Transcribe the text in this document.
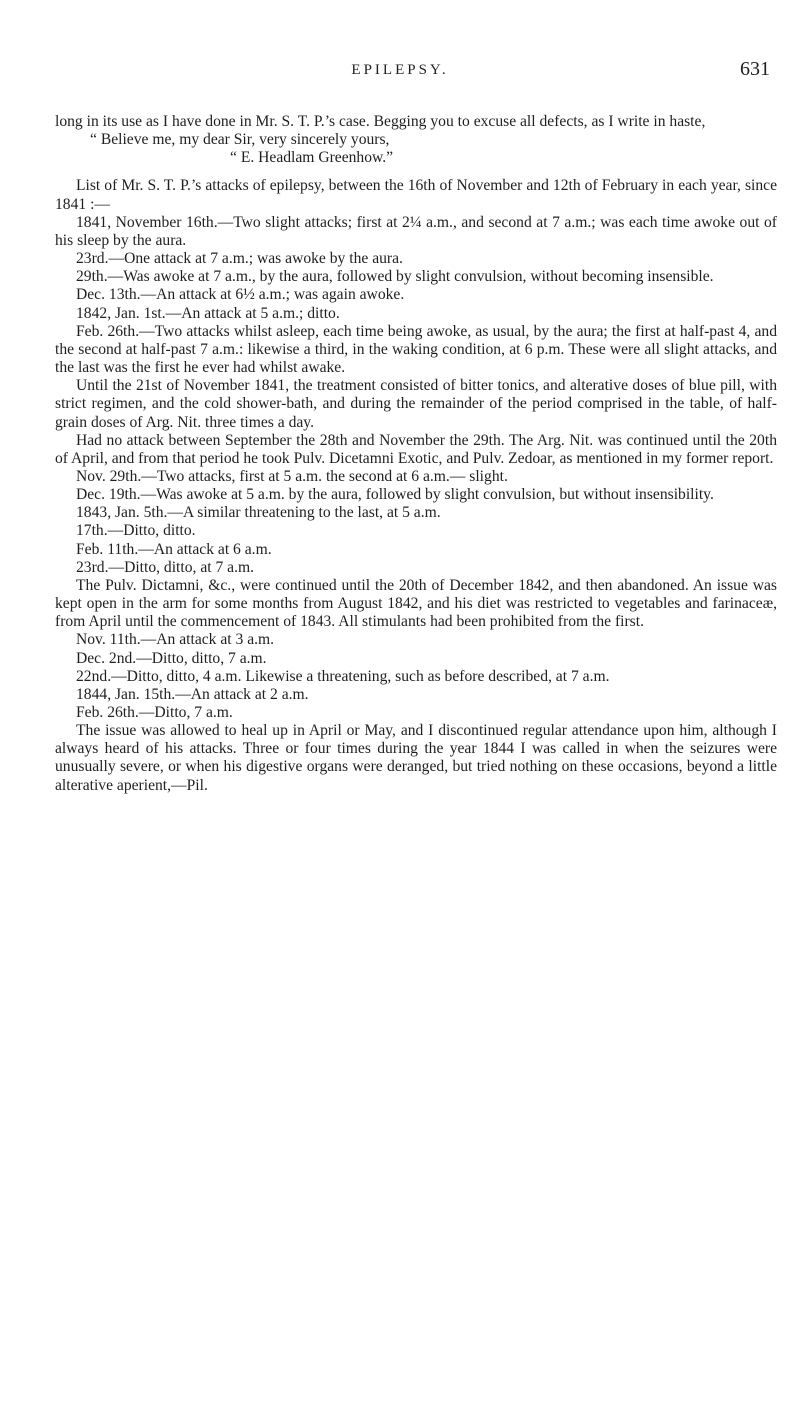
EPILEPSY.	631

long in its use as I have done in Mr. S. T. P.’s case. Begging you to excuse all defects, as I write in haste,

“ Believe me, my dear Sir, very sincerely yours,

“ E. Headlam Greenhow.”

List of Mr. S. T. P.’s attacks of epilepsy, between the 16th of November and 12th of February in each year, since 1841 :—

1841, November 16th.—Two slight attacks; first at 2¼ a.m., and second at 7 a.m.; was each time awoke out of his sleep by the aura.

23rd.—One attack at 7 a.m.; was awoke by the aura.

29th.—Was awoke at 7 a.m., by the aura, followed by slight convulsion, without becoming insensible.

Dec. 13th.—An attack at 6½ a.m.; was again awoke.

1842, Jan. 1st.—An attack at 5 a.m.; ditto.

Feb. 26th.—Two attacks whilst asleep, each time being awoke, as usual, by the aura; the first at half-past 4, and the second at half-past 7 a.m.: likewise a third, in the waking condition, at 6 p.m. These were all slight attacks, and the last was the first he ever had whilst awake.

Until the 21st of November 1841, the treatment consisted of bitter tonics, and alterative doses of blue pill, with strict regimen, and the cold shower-bath, and during the remainder of the period comprised in the table, of half-grain doses of Arg. Nit. three times a day.

Had no attack between September the 28th and November the 29th. The Arg. Nit. was continued until the 20th of April, and from that period he took Pulv. Dicetamni Exotic, and Pulv. Zedoar, as mentioned in my former report.

Nov. 29th.—Two attacks, first at 5 a.m. the second at 6 a.m.— slight.

Dec. 19th.—Was awoke at 5 a.m. by the aura, followed by slight convulsion, but without insensibility.

1843, Jan. 5th.—A similar threatening to the last, at 5 a.m.

17th.—Ditto, ditto.

Feb. 11th.—An attack at 6 a.m.

23rd.—Ditto, ditto, at 7 a.m.

The Pulv. Dictamni, &c., were continued until the 20th of December 1842, and then abandoned. An issue was kept open in the arm for some months from August 1842, and his diet was restricted to vegetables and farinaceæ, from April until the commencement of 1843. All stimulants had been prohibited from the first.

Nov. 11th.—An attack at 3 a.m.

Dec. 2nd.—Ditto, ditto, 7 a.m.

22nd.—Ditto, ditto, 4 a.m. Likewise a threatening, such as before described, at 7 a.m.

1844, Jan. 15th.—An attack at 2 a.m.

Feb. 26th.—Ditto, 7 a.m.

The issue was allowed to heal up in April or May, and I discontinued regular attendance upon him, although I always heard of his attacks. Three or four times during the year 1844 I was called in when the seizures were unusually severe, or when his digestive organs were deranged, but tried nothing on these occasions, beyond a little alterative aperient,—Pil.
